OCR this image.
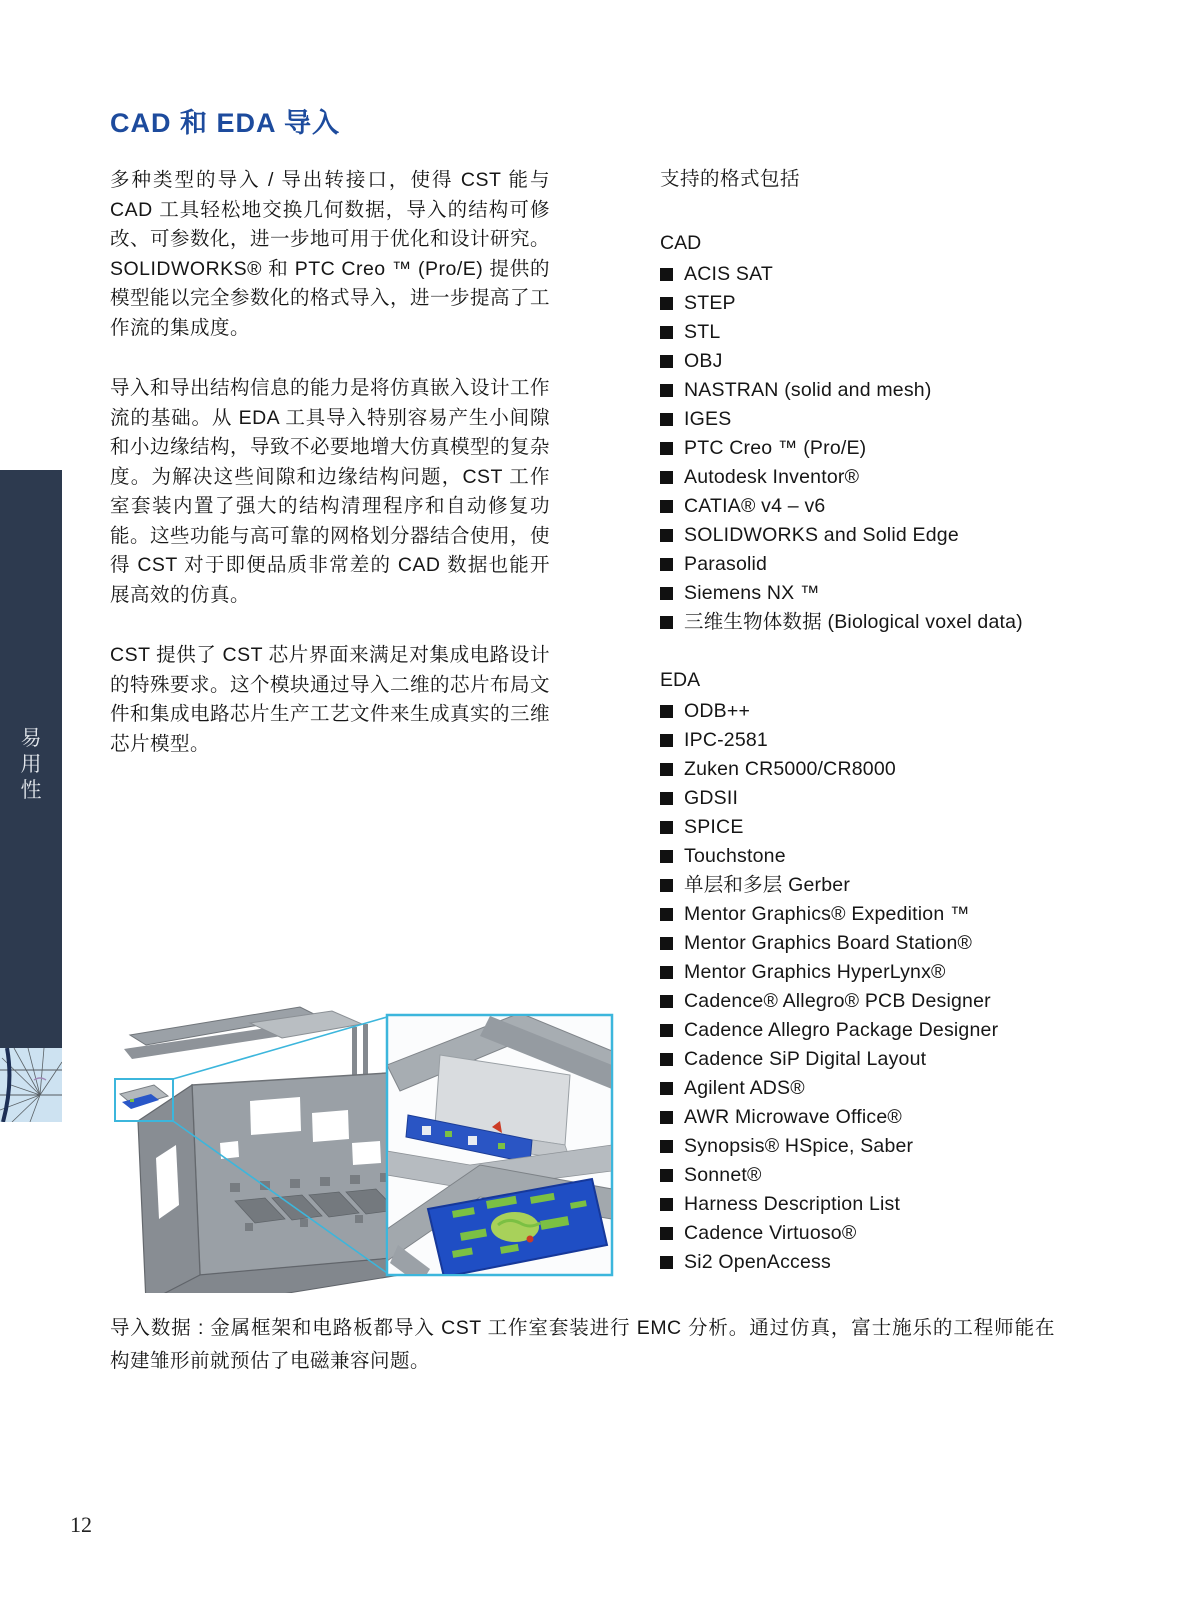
易
用
性
CAD 和 EDA 导入

多种类型的导入 / 导出转接口，使得 CST 能与 CAD 工具轻松地交换几何数据，导入的结构可修改、可参数化，进一步地可用于优化和设计研究。 SOLIDWORKS® 和 PTC Creo ™ (Pro/E) 提供的模型能以完全参数化的格式导入，进一步提高了工作流的集成度。

导入和导出结构信息的能力是将仿真嵌入设计工作流的基础。从 EDA 工具导入特别容易产生小间隙和小边缘结构，导致不必要地增大仿真模型的复杂度。为解决这些间隙和边缘结构问题，CST 工作室套装内置了强大的结构清理程序和自动修复功能。这些功能与高可靠的网格划分器结合使用，使得 CST 对于即便品质非常差的 CAD 数据也能开展高效的仿真。

CST 提供了 CST 芯片界面来满足对集成电路设计的特殊要求。这个模块通过导入二维的芯片布局文件和集成电路芯片生产工艺文件来生成真实的三维芯片模型。

支持的格式包括
CAD
ACIS SAT
STEP
STL
OBJ
NASTRAN (solid and mesh)
IGES
PTC Creo ™ (Pro/E)
Autodesk Inventor®
CATIA® v4 – v6
SOLIDWORKS and Solid Edge
Parasolid
Siemens NX ™
三维生物体数据 (Biological voxel data)
EDA
ODB++
IPC-2581
Zuken CR5000/CR8000
GDSII
SPICE
Touchstone
单层和多层 Gerber
Mentor Graphics® Expedition ™
Mentor Graphics Board Station®
Mentor Graphics HyperLynx®
Cadence® Allegro® PCB Designer
Cadence Allegro Package Designer
Cadence SiP Digital Layout
Agilent ADS®
AWR Microwave Office®
Synopsis® HSpice, Saber
Sonnet®
Harness Description List
Cadence Virtuoso®
Si2 OpenAccess
导入数据 : 金属框架和电路板都导入 CST 工作室套装进行 EMC 分析。通过仿真，富士施乐的工程师能在构建雏形前就预估了电磁兼容问题。
12
